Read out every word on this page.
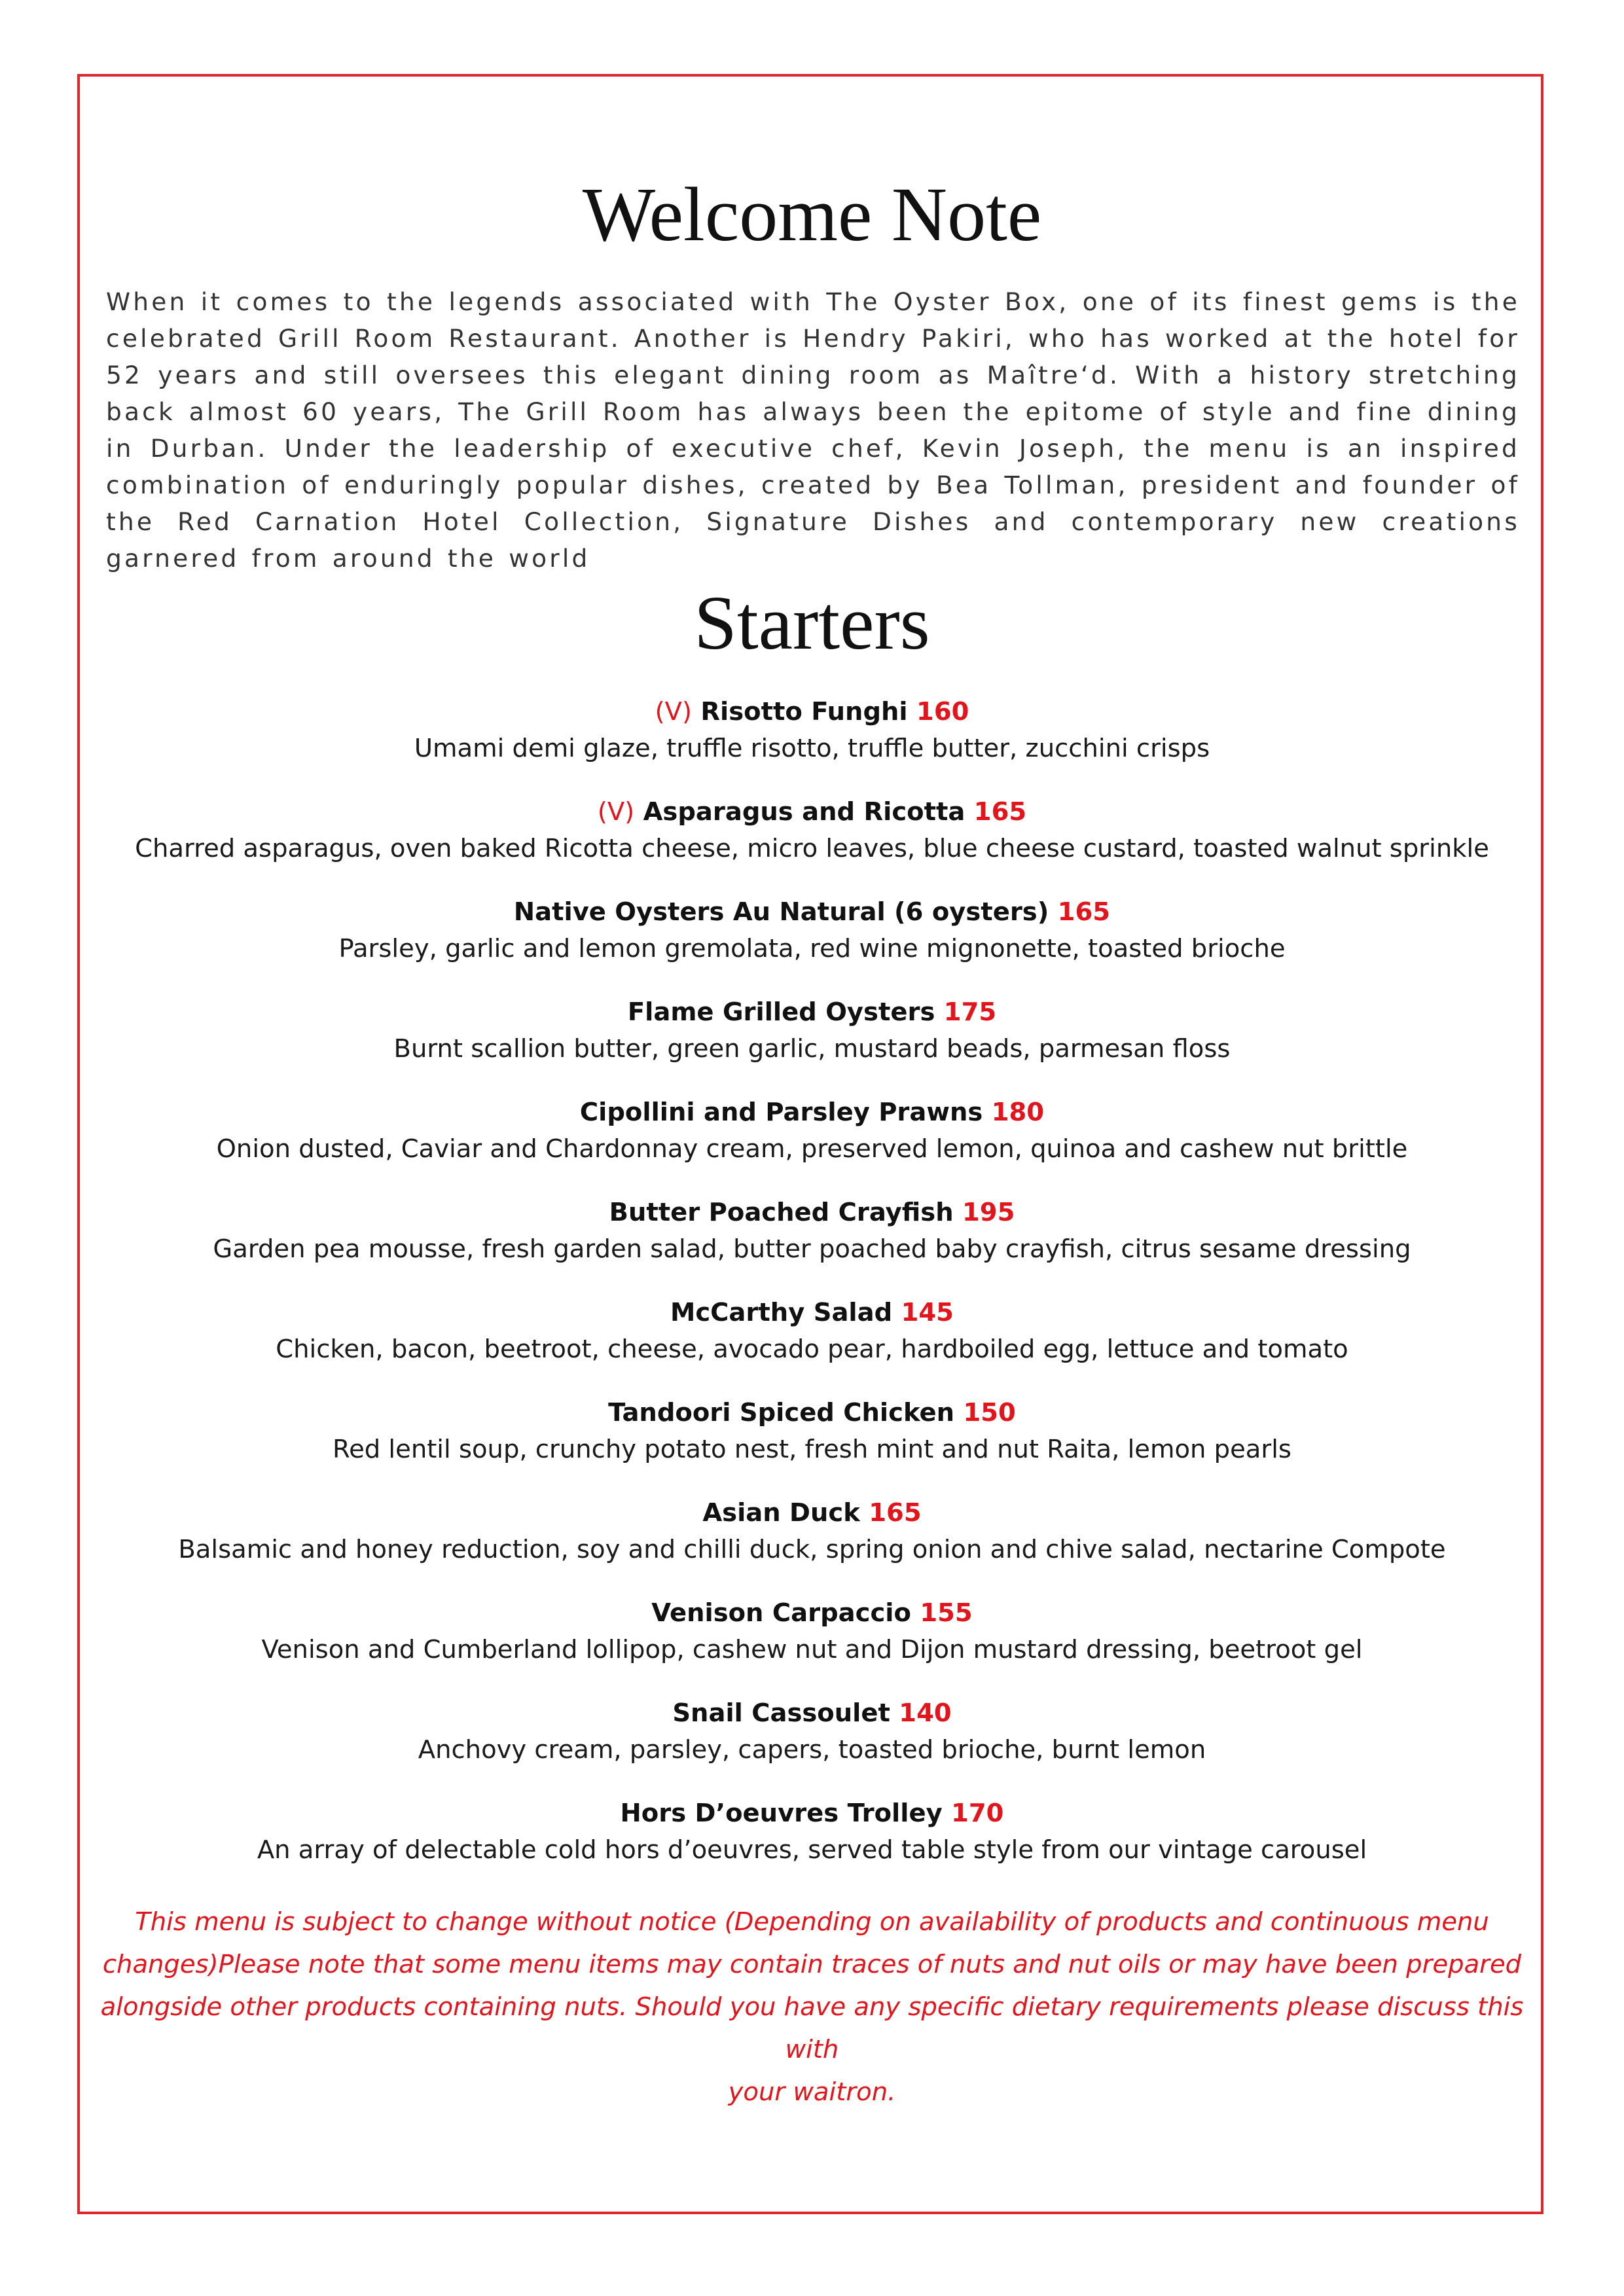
Welcome Note
When it comes to the legends associated with The Oyster Box, one of its finest gems is the celebrated Grill Room Restaurant. Another is Hendry Pakiri, who has worked at the hotel for 52 years and still oversees this elegant dining room as Maître‘d. With a history stretching back almost 60 years, The Grill Room has always been the epitome of style and fine dining in Durban. Under the leadership of executive chef, Kevin Joseph, the menu is an inspired combination of enduringly popular dishes, created by Bea Tollman, president and founder of the Red Carnation Hotel Collection, Signature Dishes and contemporary new creations garnered from around the world
Starters
(V) Risotto Funghi 160
Umami demi glaze, truffle risotto, truffle butter, zucchini crisps
(V) Asparagus and Ricotta 165
Charred asparagus, oven baked Ricotta cheese, micro leaves, blue cheese custard, toasted walnut sprinkle
Native Oysters Au Natural (6 oysters) 165
Parsley, garlic and lemon gremolata, red wine mignonette, toasted brioche
Flame Grilled Oysters 175
Burnt scallion butter, green garlic, mustard beads, parmesan floss
Cipollini and Parsley Prawns 180
Onion dusted, Caviar and Chardonnay cream, preserved lemon, quinoa and cashew nut brittle
Butter Poached Crayfish 195
Garden pea mousse, fresh garden salad, butter poached baby crayfish, citrus sesame dressing
McCarthy Salad 145
Chicken, bacon, beetroot, cheese, avocado pear, hardboiled egg, lettuce and tomato
Tandoori Spiced Chicken 150
Red lentil soup, crunchy potato nest, fresh mint and nut Raita, lemon pearls
Asian Duck 165
Balsamic and honey reduction, soy and chilli duck, spring onion and chive salad, nectarine Compote
Venison Carpaccio 155
Venison and Cumberland lollipop, cashew nut and Dijon mustard dressing, beetroot gel
Snail Cassoulet 140
Anchovy cream, parsley, capers, toasted brioche, burnt lemon
Hors D’oeuvres Trolley 170
An array of delectable cold hors d’oeuvres, served table style from our vintage carousel
This menu is subject to change without notice (Depending on availability of products and continuous menu
changes)Please note that some menu items may contain traces of nuts and nut oils or may have been prepared
alongside other products containing nuts. Should you have any specific dietary requirements please discuss this with
your waitron.
